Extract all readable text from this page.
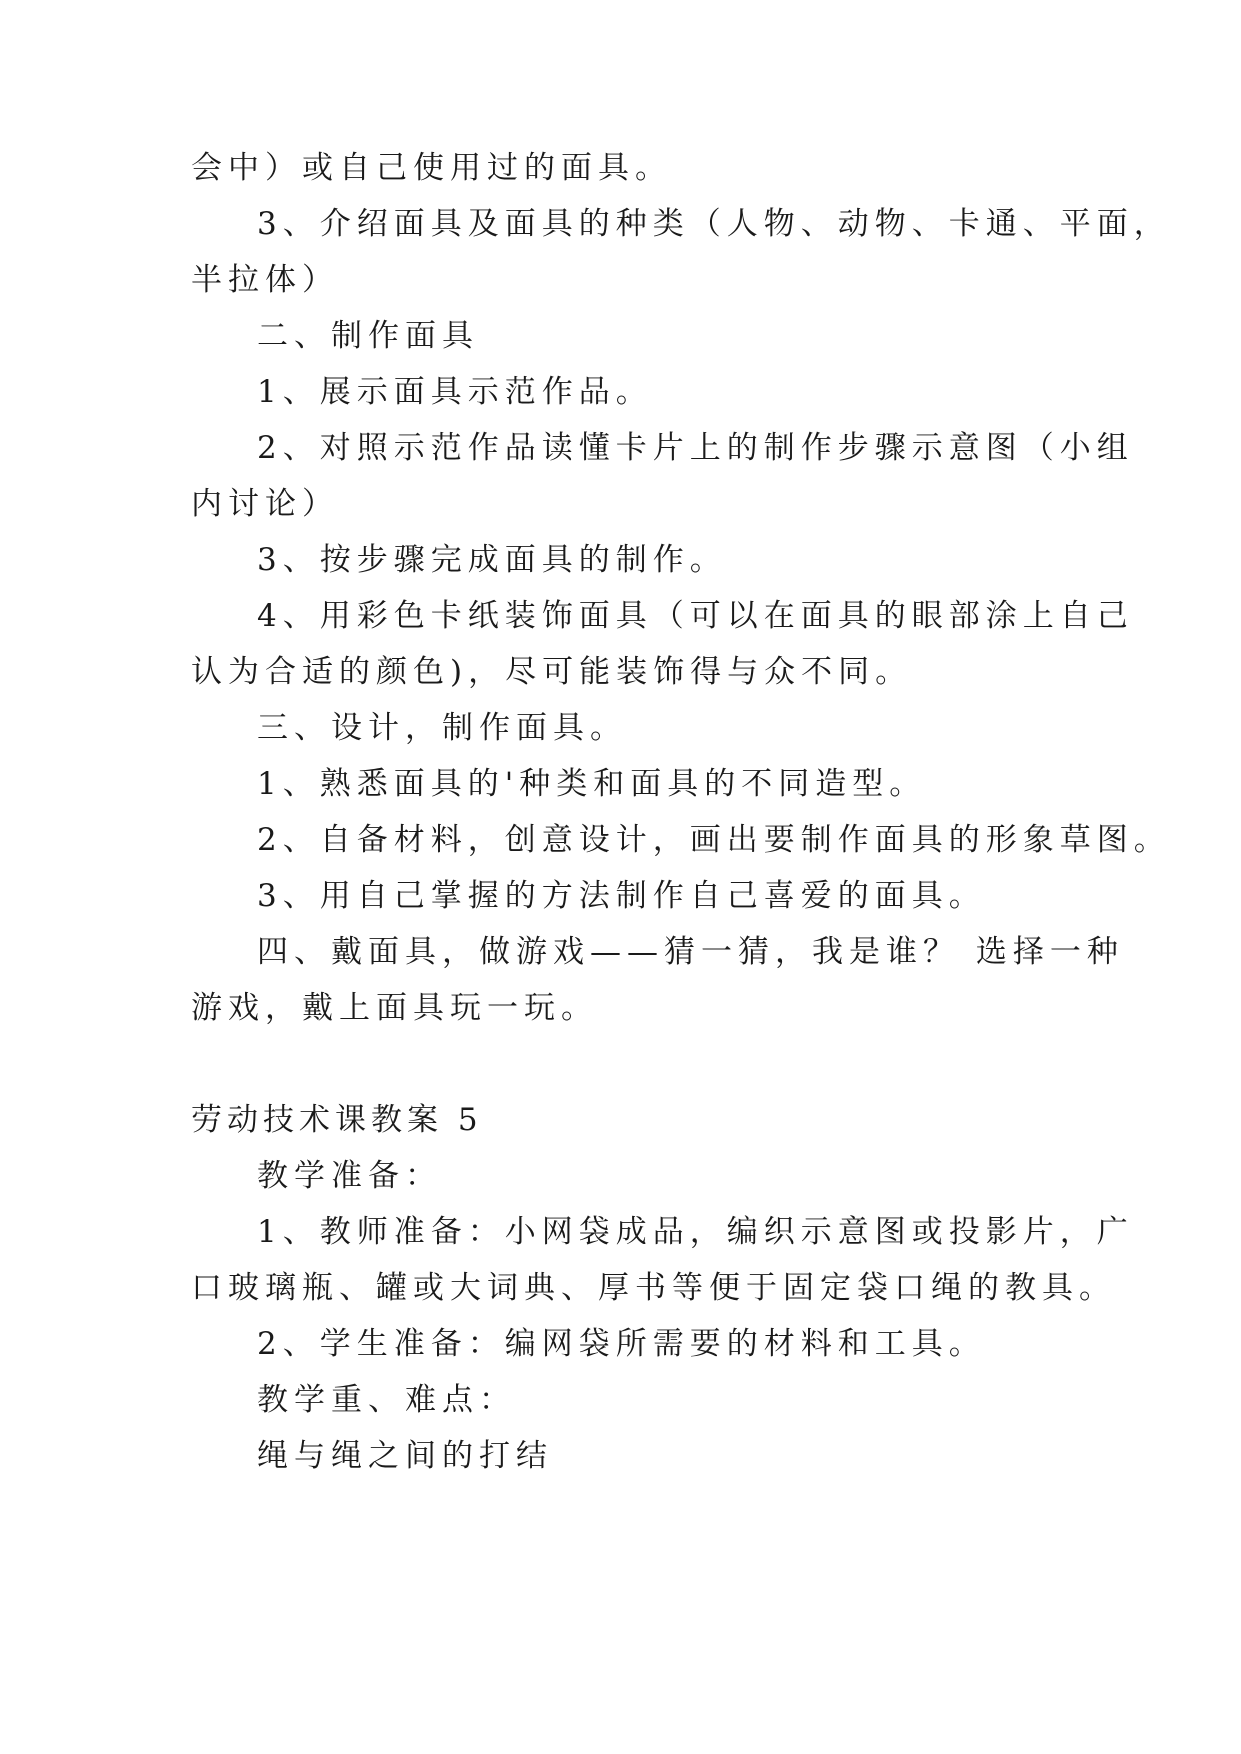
会中）或自己使用过的面具。
3、介绍面具及面具的种类（人物、动物、卡通、平面，
半拉体）
二、制作面具
1、展示面具示范作品。
2、对照示范作品读懂卡片上的制作步骤示意图（小组
内讨论）
3、按步骤完成面具的制作。
4、用彩色卡纸装饰面具（可以在面具的眼部涂上自己
认为合适的颜色)，尽可能装饰得与众不同。
三、设计，制作面具。
1、熟悉面具的'种类和面具的不同造型。
2、自备材料，创意设计，画出要制作面具的形象草图。
3、用自己掌握的方法制作自己喜爱的面具。
四、戴面具，做游戏——猜一猜，我是谁？ 选择一种
游戏，戴上面具玩一玩。
劳动技术课教案 5
教学准备：
1、教师准备：小网袋成品，编织示意图或投影片，广
口玻璃瓶、罐或大词典、厚书等便于固定袋口绳的教具。
2、学生准备：编网袋所需要的材料和工具。
教学重、难点：
绳与绳之间的打结
